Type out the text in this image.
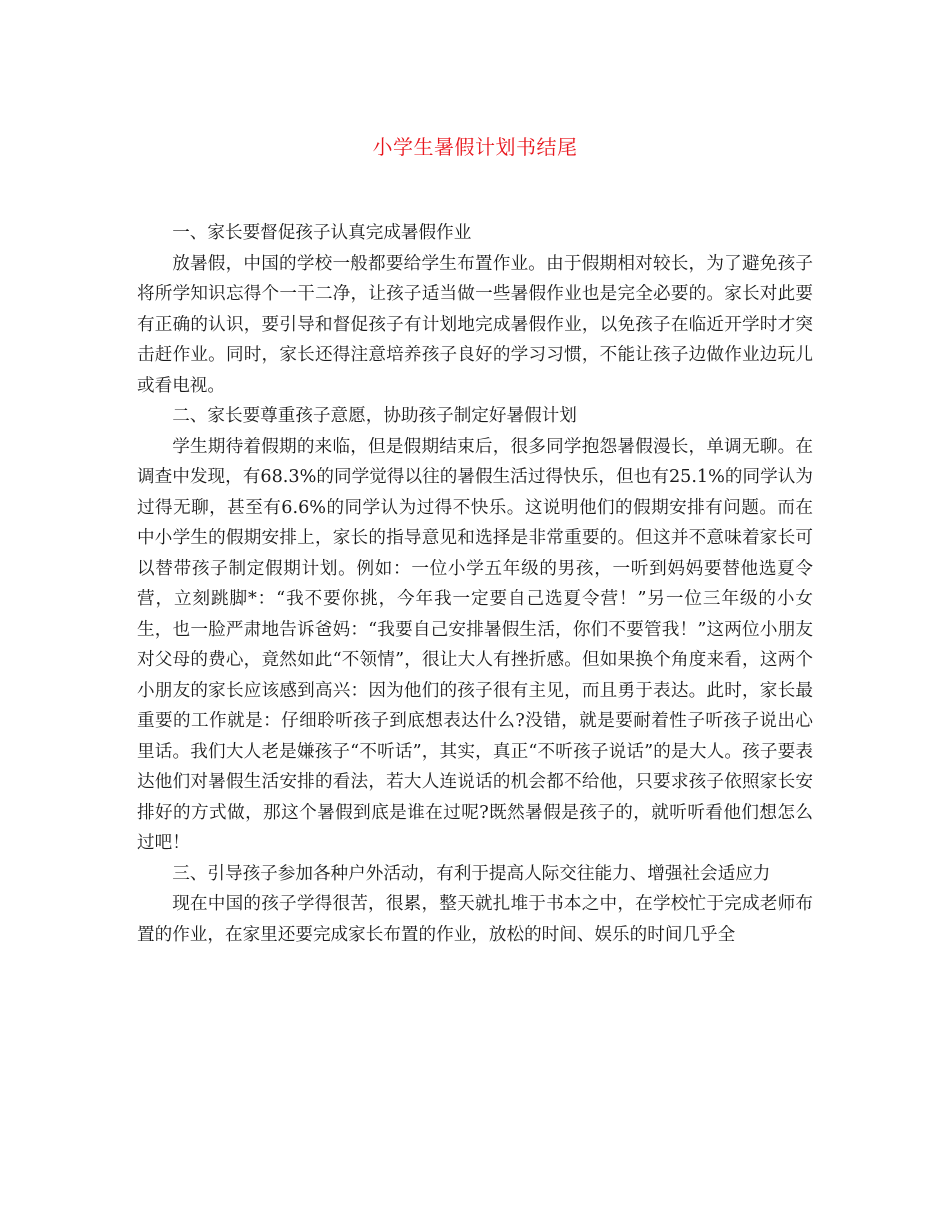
小学生暑假计划书结尾

一、家长要督促孩子认真完成暑假作业

放暑假，中国的学校一般都要给学生布置作业。由于假期相对较长，为了避免孩子将所学知识忘得个一干二净，让孩子适当做一些暑假作业也是完全必要的。家长对此要有正确的认识，要引导和督促孩子有计划地完成暑假作业，以免孩子在临近开学时才突击赶作业。同时，家长还得注意培养孩子良好的学习习惯，不能让孩子边做作业边玩儿或看电视。

二、家长要尊重孩子意愿，协助孩子制定好暑假计划

学生期待着假期的来临，但是假期结束后，很多同学抱怨暑假漫长，单调无聊。在调查中发现，有68.3%的同学觉得以往的暑假生活过得快乐，但也有25.1%的同学认为过得无聊，甚至有6.6%的同学认为过得不快乐。这说明他们的假期安排有问题。而在中小学生的假期安排上，家长的指导意见和选择是非常重要的。但这并不意味着家长可以替带孩子制定假期计划。例如：一位小学五年级的男孩，一听到妈妈要替他选夏令营，立刻跳脚*：“我不要你挑，今年我一定要自己选夏令营！”另一位三年级的小女生，也一脸严肃地告诉爸妈：“我要自己安排暑假生活，你们不要管我！”这两位小朋友对父母的费心，竟然如此“不领情”，很让大人有挫折感。但如果换个角度来看，这两个小朋友的家长应该感到高兴：因为他们的孩子很有主见，而且勇于表达。此时，家长最重要的工作就是：仔细聆听孩子到底想表达什么?没错，就是要耐着性子听孩子说出心里话。我们大人老是嫌孩子“不听话”，其实，真正“不听孩子说话”的是大人。孩子要表达他们对暑假生活安排的看法，若大人连说话的机会都不给他，只要求孩子依照家长安排好的方式做，那这个暑假到底是谁在过呢?既然暑假是孩子的，就听听看他们想怎么过吧！

三、引导孩子参加各种户外活动，有利于提高人际交往能力、增强社会适应力

现在中国的孩子学得很苦，很累，整天就扎堆于书本之中，在学校忙于完成老师布置的作业，在家里还要完成家长布置的作业，放松的时间、娱乐的时间几乎全
